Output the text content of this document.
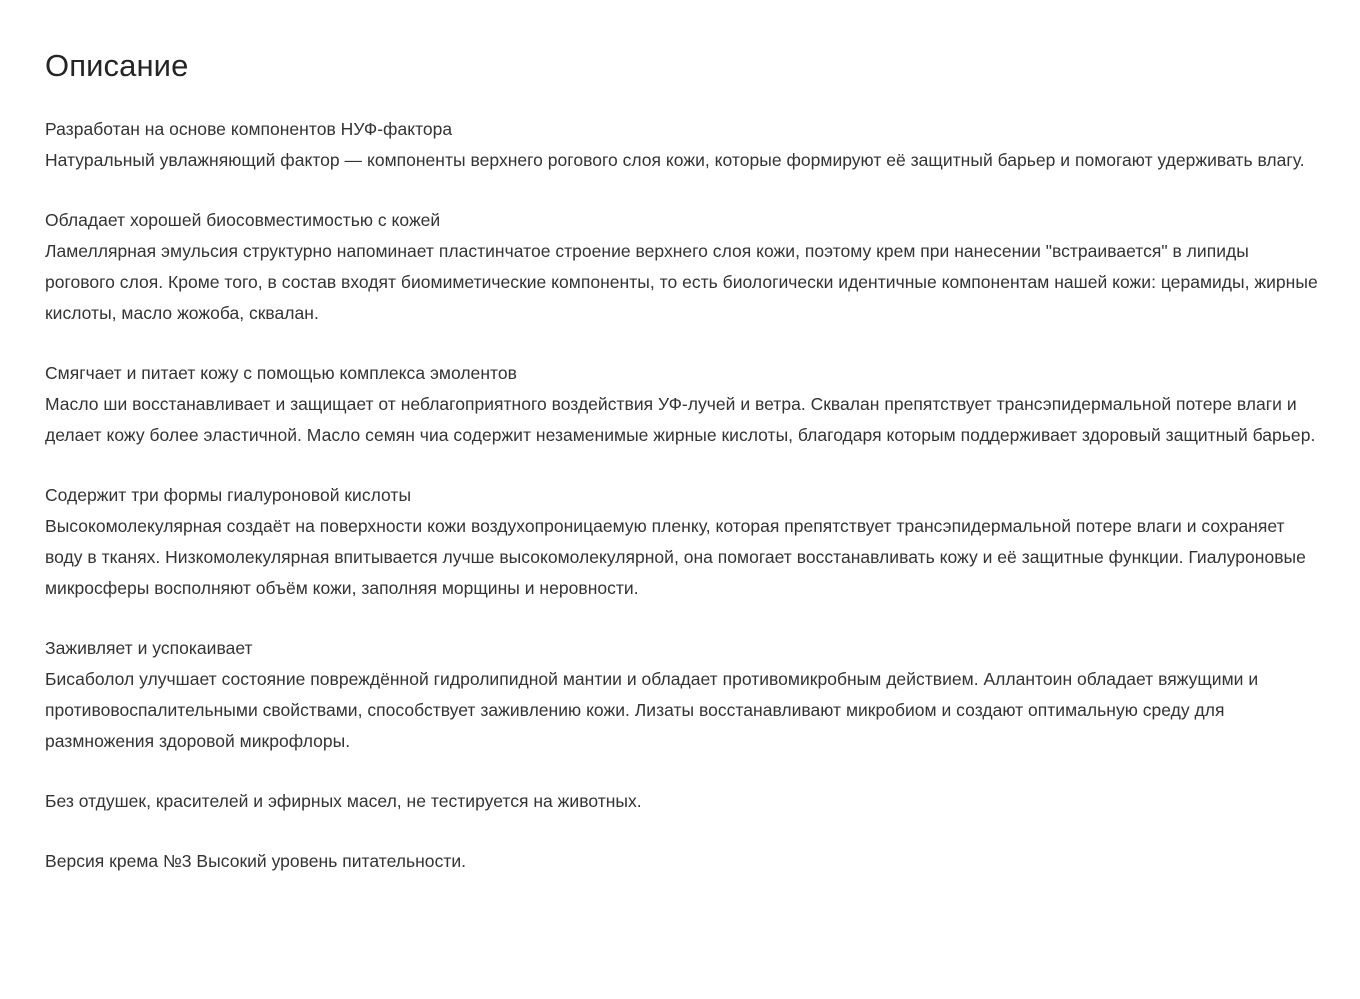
Описание

Разработан на основе компонентов НУФ-фактора

Натуральный увлажняющий фактор — компоненты верхнего рогового слоя кожи, которые формируют её защитный барьер и помогают удерживать влагу.

Обладает хорошей биосовместимостью с кожей

Ламеллярная эмульсия структурно напоминает пластинчатое строение верхнего слоя кожи, поэтому крем при нанесении "встраивается" в липиды рогового слоя. Кроме того, в состав входят биомиметические компоненты, то есть биологически идентичные компонентам нашей кожи: церамиды, жирные кислоты, масло жожоба, сквалан.

Смягчает и питает кожу с помощью комплекса эмолентов

Масло ши восстанавливает и защищает от неблагоприятного воздействия УФ-лучей и ветра. Сквалан препятствует трансэпидермальной потере влаги и делает кожу более эластичной. Масло семян чиа содержит незаменимые жирные кислоты, благодаря которым поддерживает здоровый защитный барьер.

Содержит три формы гиалуроновой кислоты

Высокомолекулярная создаёт на поверхности кожи воздухопроницаемую пленку, которая препятствует трансэпидермальной потере влаги и сохраняет воду в тканях. Низкомолекулярная впитывается лучше высокомолекулярной, она помогает восстанавливать кожу и её защитные функции. Гиалуроновые микросферы восполняют объём кожи, заполняя морщины и неровности.

Заживляет и успокаивает

Бисаболол улучшает состояние повреждённой гидролипидной мантии и обладает противомикробным действием. Аллантоин обладает вяжущими и противовоспалительными свойствами, способствует заживлению кожи. Лизаты восстанавливают микробиом и создают оптимальную среду для размножения здоровой микрофлоры.

Без отдушек, красителей и эфирных масел, не тестируется на животных.

Версия крема №3 Высокий уровень питательности.
